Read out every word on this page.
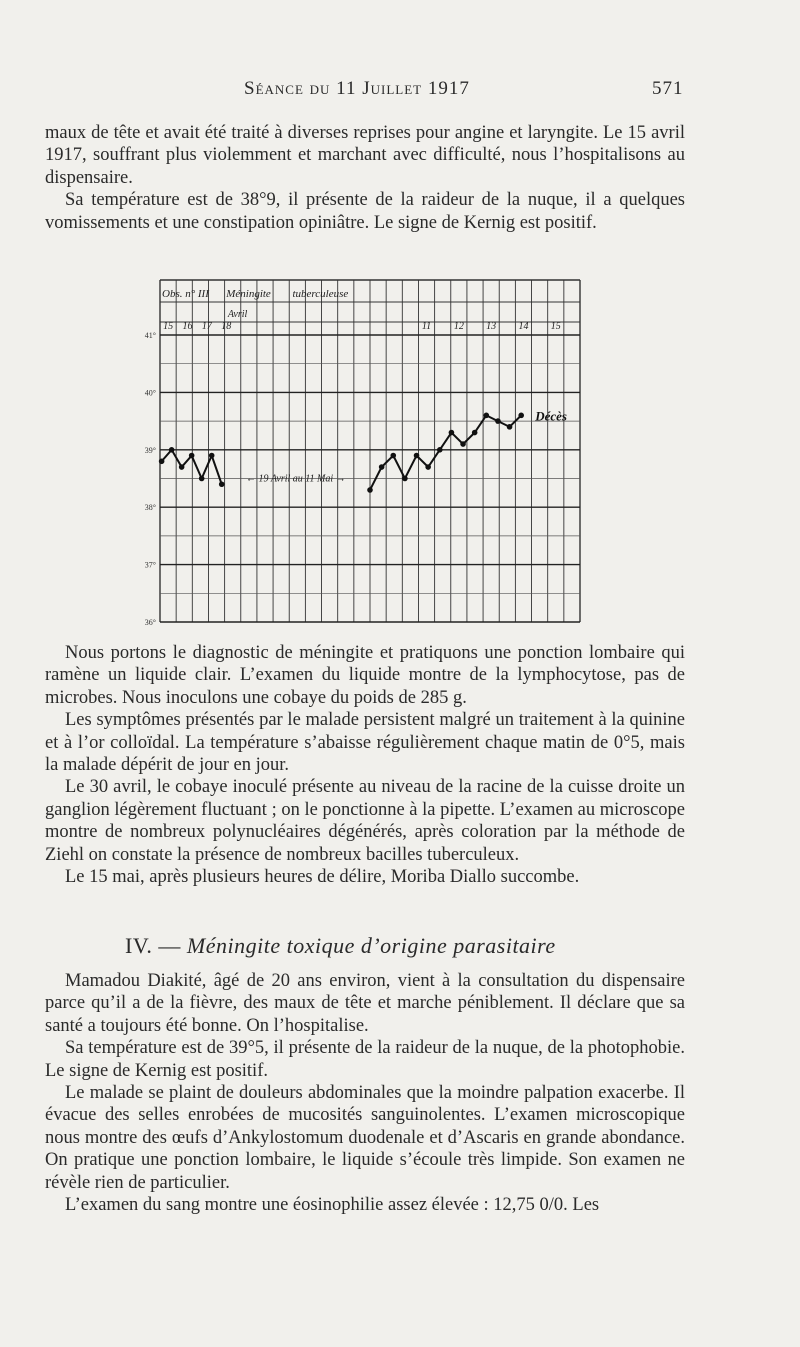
Séance du 11 Juillet 1917	571

maux de tête et avait été traité à diverses reprises pour angine et laryngite. Le 15 avril 1917, souffrant plus violemment et marchant avec difficulté, nous l’hospitalisons au dispensaire.

Sa température est de 38°9, il présente de la raideur de la nuque, il a quelques vomissements et une constipation opiniâtre. Le signe de Kernig est positif.

41°
40°
39°
38°
37°
36°
Obs. n° III Méningite tuberculeuse
Avril
15 16 17 18	11 12 13 14 15
← 19 Avril au 11 Mai →
Décès

Nous portons le diagnostic de méningite et pratiquons une ponction lombaire qui ramène un liquide clair. L’examen du liquide montre de la lymphocytose, pas de microbes. Nous inoculons une cobaye du poids de 285 g.

Les symptômes présentés par le malade persistent malgré un traitement à la quinine et à l’or colloïdal. La température s’abaisse régulièrement chaque matin de 0°5, mais la malade dépérit de jour en jour.

Le 30 avril, le cobaye inoculé présente au niveau de la racine de la cuisse droite un ganglion légèrement fluctuant ; on le ponctionne à la pipette. L’examen au microscope montre de nombreux polynucléaires dégénérés, après coloration par la méthode de Ziehl on constate la présence de nombreux bacilles tuberculeux.

Le 15 mai, après plusieurs heures de délire, Moriba Diallo succombe.

IV. — Méningite toxique d’origine parasitaire

Mamadou Diakité, âgé de 20 ans environ, vient à la consultation du dispensaire parce qu’il a de la fièvre, des maux de tête et marche péniblement. Il déclare que sa santé a toujours été bonne. On l’hospitalise.

Sa température est de 39°5, il présente de la raideur de la nuque, de la photophobie. Le signe de Kernig est positif.

Le malade se plaint de douleurs abdominales que la moindre palpation exacerbe. Il évacue des selles enrobées de mucosités sanguinolentes. L’examen microscopique nous montre des œufs d’Ankylostomum duodenale et d’Ascaris en grande abondance. On pratique une ponction lombaire, le liquide s’écoule très limpide. Son examen ne révèle rien de particulier.

L’examen du sang montre une éosinophilie assez élevée : 12,75 0/0. Les
